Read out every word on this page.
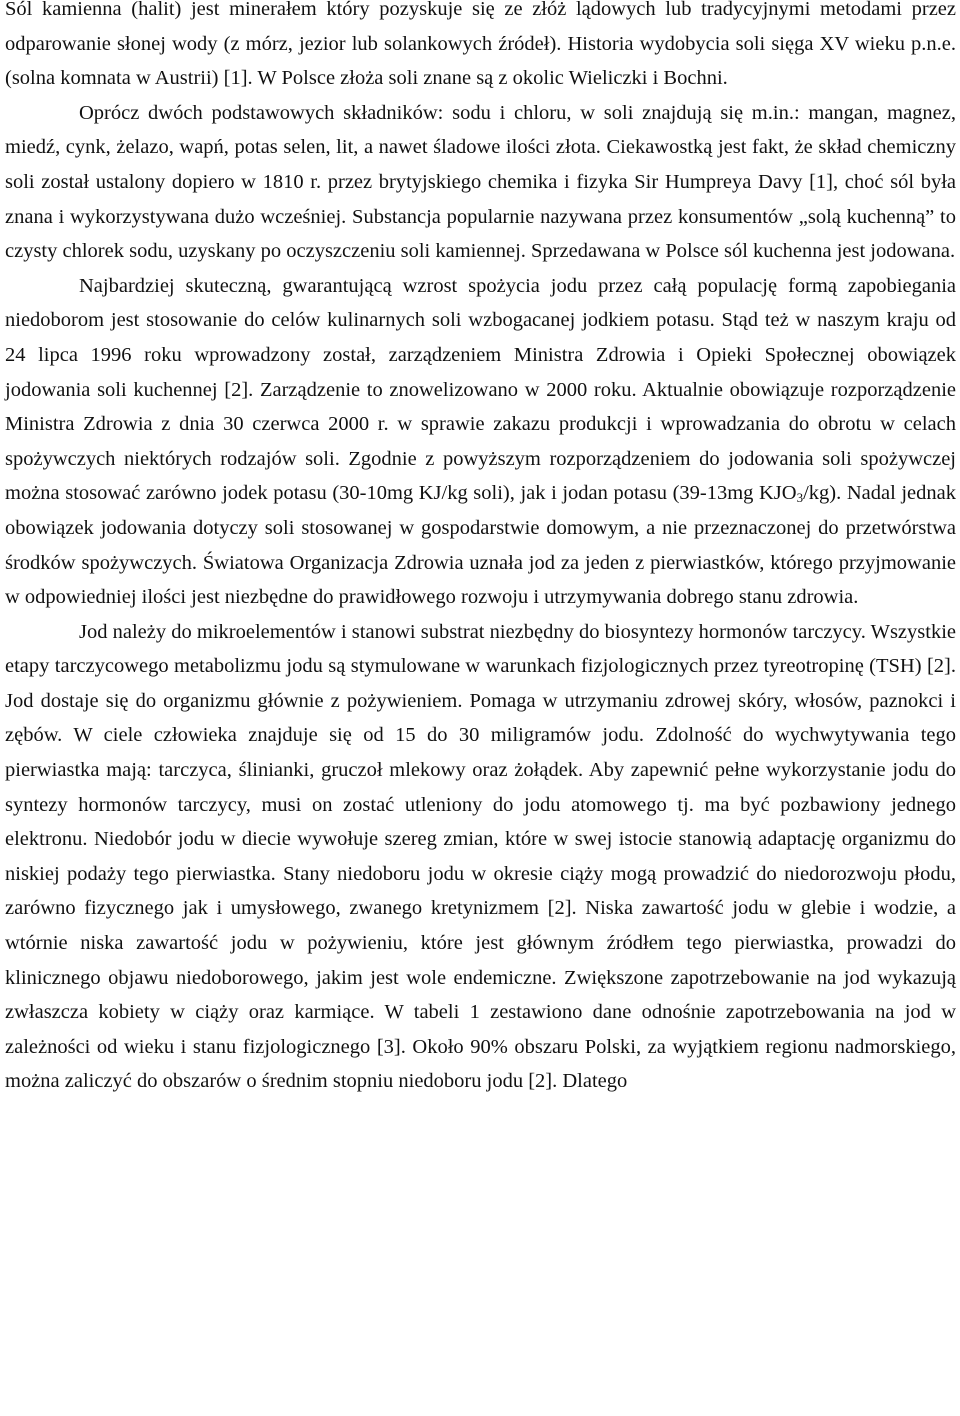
Sól kamienna (halit) jest minerałem który pozyskuje się ze złóż lądowych lub tradycyjnymi metodami przez odparowanie słonej wody (z mórz, jezior lub solankowych źródeł). Historia wydobycia soli sięga XV wieku p.n.e. (solna komnata w Austrii) [1]. W Polsce złoża soli znane są z okolic Wieliczki i Bochni.

Oprócz dwóch podstawowych składników: sodu i chloru, w soli znajdują się m.in.: mangan, magnez, miedź, cynk, żelazo, wapń, potas selen, lit, a nawet śladowe ilości złota. Ciekawostką jest fakt, że skład chemiczny soli został ustalony dopiero w 1810 r. przez brytyjskiego chemika i fizyka Sir Humpreya Davy [1], choć sól była znana i wykorzystywana dużo wcześniej. Substancja popularnie nazywana przez konsumentów „solą kuchenną” to czysty chlorek sodu, uzyskany po oczyszczeniu soli kamiennej. Sprzedawana w Polsce sól kuchenna jest jodowana.

Najbardziej skuteczną, gwarantującą wzrost spożycia jodu przez całą populację formą zapobiegania niedoborom jest stosowanie do celów kulinarnych soli wzbogacanej jodkiem potasu. Stąd też w naszym kraju od 24 lipca 1996 roku wprowadzony został, zarządzeniem Ministra Zdrowia i Opieki Społecznej obowiązek jodowania soli kuchennej [2]. Zarządzenie to znowelizowano w 2000 roku. Aktualnie obowiązuje rozporządzenie Ministra Zdrowia z dnia 30 czerwca 2000 r. w sprawie zakazu produkcji i wprowadzania do obrotu w celach spożywczych niektórych rodzajów soli. Zgodnie z powyższym rozporządzeniem do jodowania soli spożywczej można stosować zarówno jodek potasu (30-10mg KJ/kg soli), jak i jodan potasu (39-13mg $KJO_3/kg$). Nadal jednak obowiązek jodowania dotyczy soli stosowanej w gospodarstwie domowym, a nie przeznaczonej do przetwórstwa środków spożywczych. Światowa Organizacja Zdrowia uznała jod za jeden z pierwiastków, którego przyjmowanie w odpowiedniej ilości jest niezbędne do prawidłowego rozwoju i utrzymywania dobrego stanu zdrowia.

Jod należy do mikroelementów i stanowi substrat niezbędny do biosyntezy hormonów tarczycy. Wszystkie etapy tarczycowego metabolizmu jodu są stymulowane w warunkach fizjologicznych przez tyreotropinę (TSH) [2]. Jod dostaje się do organizmu głównie z pożywieniem. Pomaga w utrzymaniu zdrowej skóry, włosów, paznokci i zębów. W ciele człowieka znajduje się od 15 do 30 miligramów jodu. Zdolność do wychwytywania tego pierwiastka mają: tarczyca, ślinianki, gruczoł mlekowy oraz żołądek. Aby zapewnić pełne wykorzystanie jodu do syntezy hormonów tarczycy, musi on zostać utleniony do jodu atomowego tj. ma być pozbawiony jednego elektronu. Niedobór jodu w diecie wywołuje szereg zmian, które w swej istocie stanowią adaptację organizmu do niskiej podaży tego pierwiastka. Stany niedoboru jodu w okresie ciąży mogą prowadzić do niedorozwoju płodu, zarówno fizycznego jak i umysłowego, zwanego kretynizmem [2]. Niska zawartość jodu w glebie i wodzie, a wtórnie niska zawartość jodu w pożywieniu, które jest głównym źródłem tego pierwiastka, prowadzi do klinicznego objawu niedoborowego, jakim jest wole endemiczne. Zwiększone zapotrzebowanie na jod wykazują zwłaszcza kobiety w ciąży oraz karmiące. W tabeli 1 zestawiono dane odnośnie zapotrzebowania na jod w zależności od wieku i stanu fizjologicznego [3]. Około 90% obszaru Polski, za wyjątkiem regionu nadmorskiego, można zaliczyć do obszarów o średnim stopniu niedoboru jodu [2]. Dlatego
